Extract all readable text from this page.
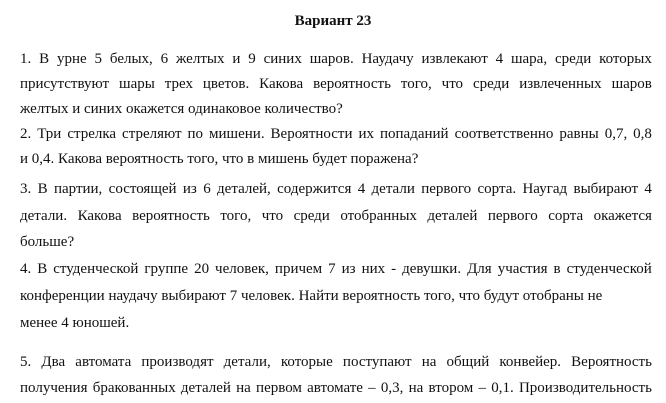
Вариант 23
1. В урне 5 белых, 6 желтых и 9 синих шаров. Наудачу извлекают 4 шара, среди которых
присутствуют шары трех цветов. Какова вероятность того, что среди извлеченных шаров
желтых и синих окажется одинаковое количество?
2. Три стрелка стреляют по мишени. Вероятности их попаданий соответственно равны 0,7, 0,8
и 0,4. Какова вероятность того, что в мишень будет поражена?
3. В партии, состоящей из 6 деталей, содержится 4 детали первого сорта. Наугад выбирают 4
детали. Какова вероятность того, что среди отобранных деталей первого сорта окажется
больше?
4. В студенческой группе 20 человек, причем 7 из них - девушки. Для участия в студенческой
конференции наудачу выбирают 7 человек. Найти вероятность того, что будут отобраны не
менее 4 юношей.
5. Два автомата производят детали, которые поступают на общий конвейер. Вероятность
получения бракованных деталей на первом автомате – 0,3, на втором – 0,1. Производительность
